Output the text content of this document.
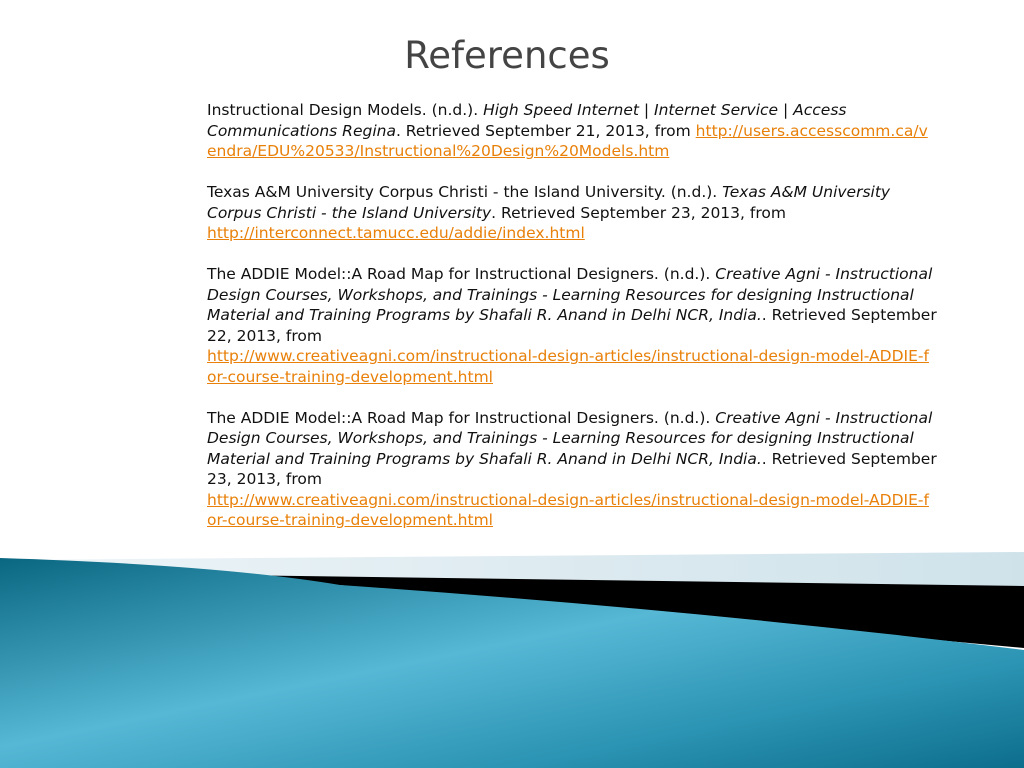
References

Instructional Design Models. (n.d.). High Speed Internet | Internet Service | Access Communications Regina. Retrieved September 21, 2013, from http://users.accesscomm.ca/vendra/EDU%20533/Instructional%20Design%20Models.htm

Texas A&M University Corpus Christi - the Island University. (n.d.). Texas A&M University Corpus Christi - the Island University. Retrieved September 23, 2013, from
http://interconnect.tamucc.edu/addie/index.html

The ADDIE Model::A Road Map for Instructional Designers. (n.d.). Creative Agni - Instructional Design Courses, Workshops, and Trainings - Learning Resources for designing Instructional Material and Training Programs by Shafali R. Anand in Delhi NCR, India.. Retrieved September 22, 2013, from
http://www.creativeagni.com/instructional-design-articles/instructional-design-model-ADDIE-for-course-training-development.html

The ADDIE Model::A Road Map for Instructional Designers. (n.d.). Creative Agni - Instructional Design Courses, Workshops, and Trainings - Learning Resources for designing Instructional Material and Training Programs by Shafali R. Anand in Delhi NCR, India.. Retrieved September 23, 2013, from
http://www.creativeagni.com/instructional-design-articles/instructional-design-model-ADDIE-for-course-training-development.html
